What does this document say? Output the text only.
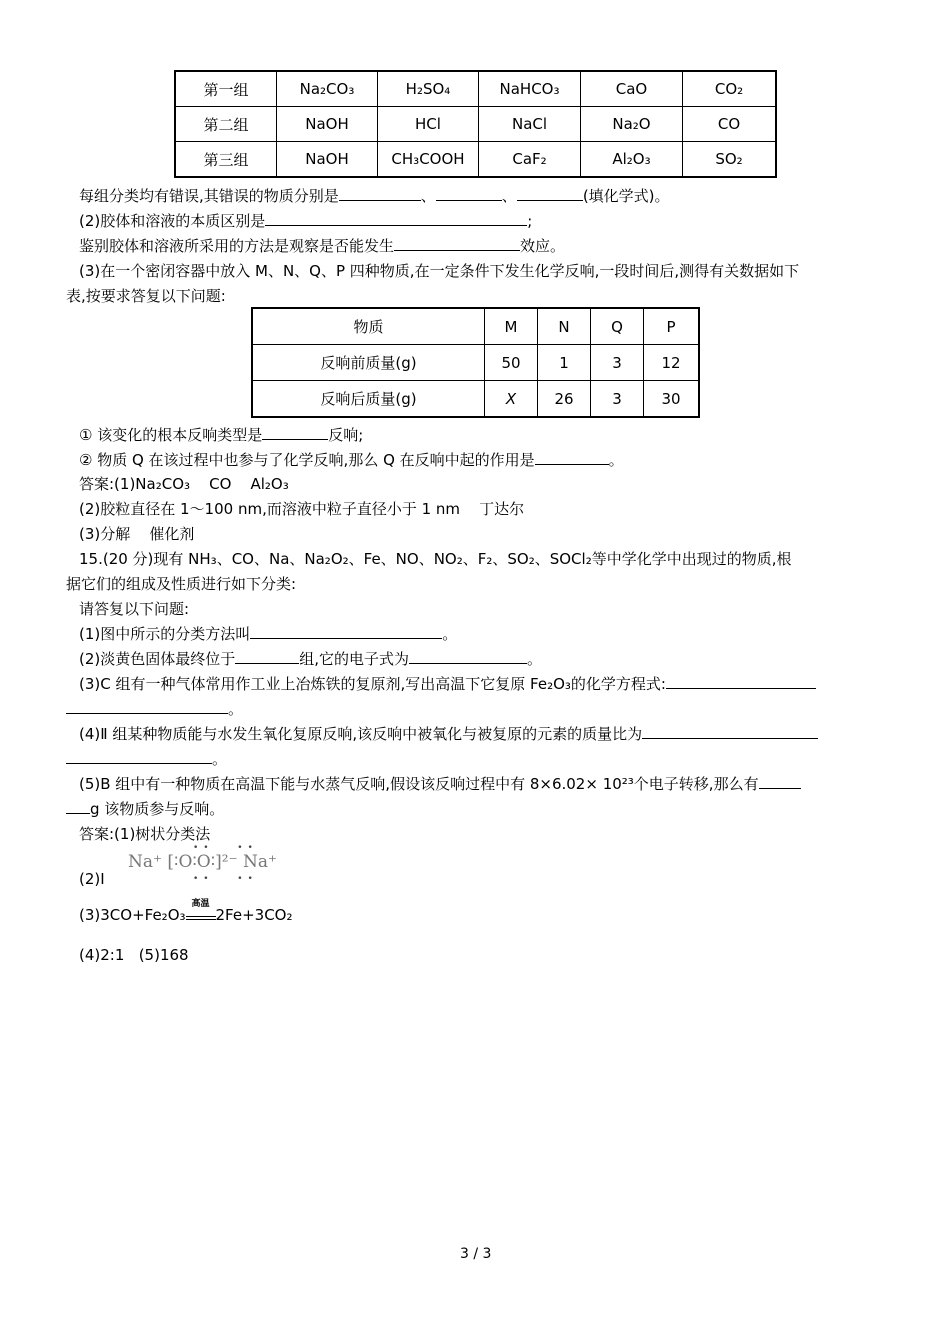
第一组	Na₂CO₃	H₂SO₄	NaHCO₃	CaO	CO₂
第二组	NaOH	HCl	NaCl	Na₂O	CO
第三组	NaOH	CH₃COOH	CaF₂	Al₂O₃	SO₂
每组分类均有错误,其错误的物质分别是	、	、	(填化学式)。
(2)胶体和溶液的本质区别是	;
鉴别胶体和溶液所采用的方法是观察是否能发生	效应。
(3)在一个密闭容器中放入 M、N、Q、P 四种物质,在一定条件下发生化学反响,一段时间后,测得有关数据如下
表,按要求答复以下问题:
物质	M	N	Q	P
反响前质量(g)	50	1	3	12
反响后质量(g)	X	26	3	30
① 该变化的根本反响类型是	反响;
② 物质 Q 在该过程中也参与了化学反响,那么 Q 在反响中起的作用是	。
答案:(1)Na₂CO₃ CO Al₂O₃
(2)胶粒直径在 1～100 nm,而溶液中粒子直径小于 1 nm 丁达尔
(3)分解 催化剂
15.(20 分)现有 NH₃、CO、Na、Na₂O₂、Fe、NO、NO₂、F₂、SO₂、SOCl₂等中学化学中出现过的物质,根
据它们的组成及性质进行如下分类:
请答复以下问题:
(1)图中所示的分类方法叫	。
(2)淡黄色固体最终位于	组,它的电子式为	。
(3)C 组有一种气体常用作工业上冶炼铁的复原剂,写出高温下它复原 Fe₂O₃的化学方程式:
。
(4)Ⅱ 组某种物质能与水发生氧化复原反响,该反响中被氧化与被复原的元素的质量比为
。
(5)B 组中有一种物质在高温下能与水蒸气反响,假设该反响过程中有 8×6.02× 10²³个电子转移,那么有
g 该物质参与反响。
答案:(1)树状分类法
(2)Ⅰ
Na⁺ [∶O∶O∶]²⁻ Na⁺
••   ••
••   ••
(3)3CO+Fe₂O₃
高温
2Fe+3CO₂
(4)2:1 (5)168
3 / 3
